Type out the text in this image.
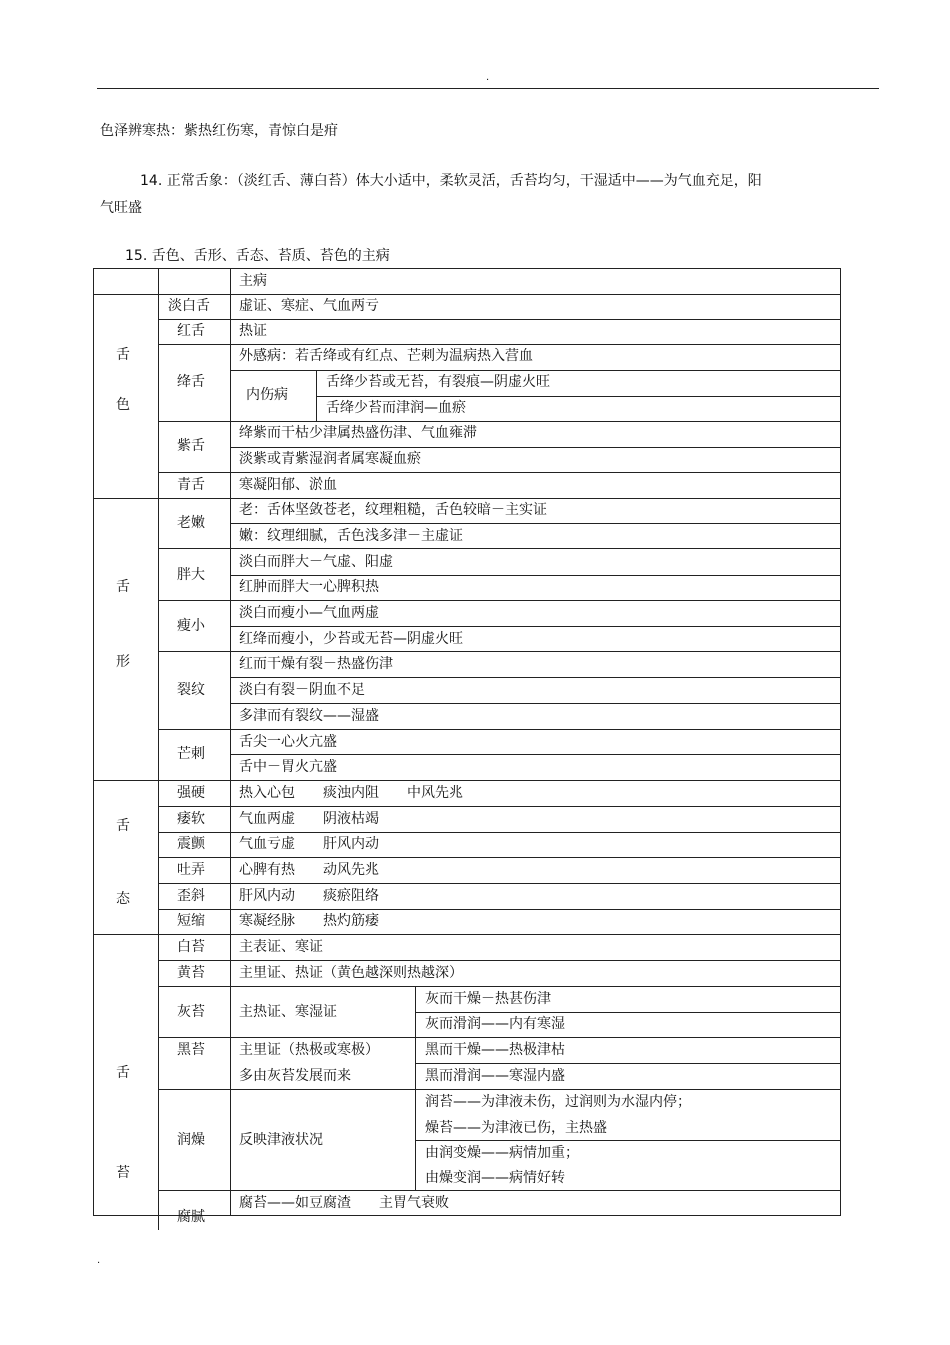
.
色泽辨寒热：紫热红伤寒，青惊白是疳
14. 正常舌象：（淡红舌、薄白苔）体大小适中，柔软灵活，舌苔均匀，干湿适中——为气血充足，阳
气旺盛
15. 舌色、舌形、舌态、苔质、苔色的主病
主病
舌
色
舌
形
舌
态
舌
苔
淡白舌 虚证、寒症、气血两亏
红舌 热证
绛舌
外感病：若舌绛或有红点、芒刺为温病热入营血
内伤病
舌绛少苔或无苔，有裂痕—阴虚火旺
舌绛少苔而津润—血瘀
紫舌
绛紫而干枯少津属热盛伤津、气血雍滞
淡紫或青紫湿润者属寒凝血瘀
青舌 寒凝阳郁、淤血
老嫩
老：舌体坚敛苍老，纹理粗糙，舌色较暗－主实证
嫩：纹理细腻，舌色浅多津－主虚证
胖大
淡白而胖大－气虚、阳虚
红肿而胖大一心脾积热
瘦小
淡白而瘦小—气血两虚
红绛而瘦小，少苔或无苔—阴虚火旺
裂纹
红而干燥有裂－热盛伤津
淡白有裂－阴血不足
多津而有裂纹——湿盛
芒刺
舌尖一心火亢盛
舌中－胃火亢盛
强硬 热入心包　　痰浊内阻　　中风先兆
痿软 气血两虚　　阴液枯竭
震颤 气血亏虚　　肝风内动
吐弄 心脾有热　　动风先兆
歪斜 肝风内动　　痰瘀阻络
短缩 寒凝经脉　　热灼筋痿
白苔 主表证、寒证
黄苔 主里证、热证（黄色越深则热越深）
灰苔 主热证、寒湿证
灰而干燥－热甚伤津
灰而滑润——内有寒湿
黑苔 主里证（热极或寒极）
多由灰苔发展而来
黑而干燥——热极津枯
黑而滑润——寒湿内盛
润燥 反映津液状况
润苔——为津液未伤，过润则为水湿内停；
燥苔——为津液已伤，主热盛
由润变燥——病情加重；
由燥变润——病情好转
腐腻
腐苔——如豆腐渣　　主胃气衰败
.
